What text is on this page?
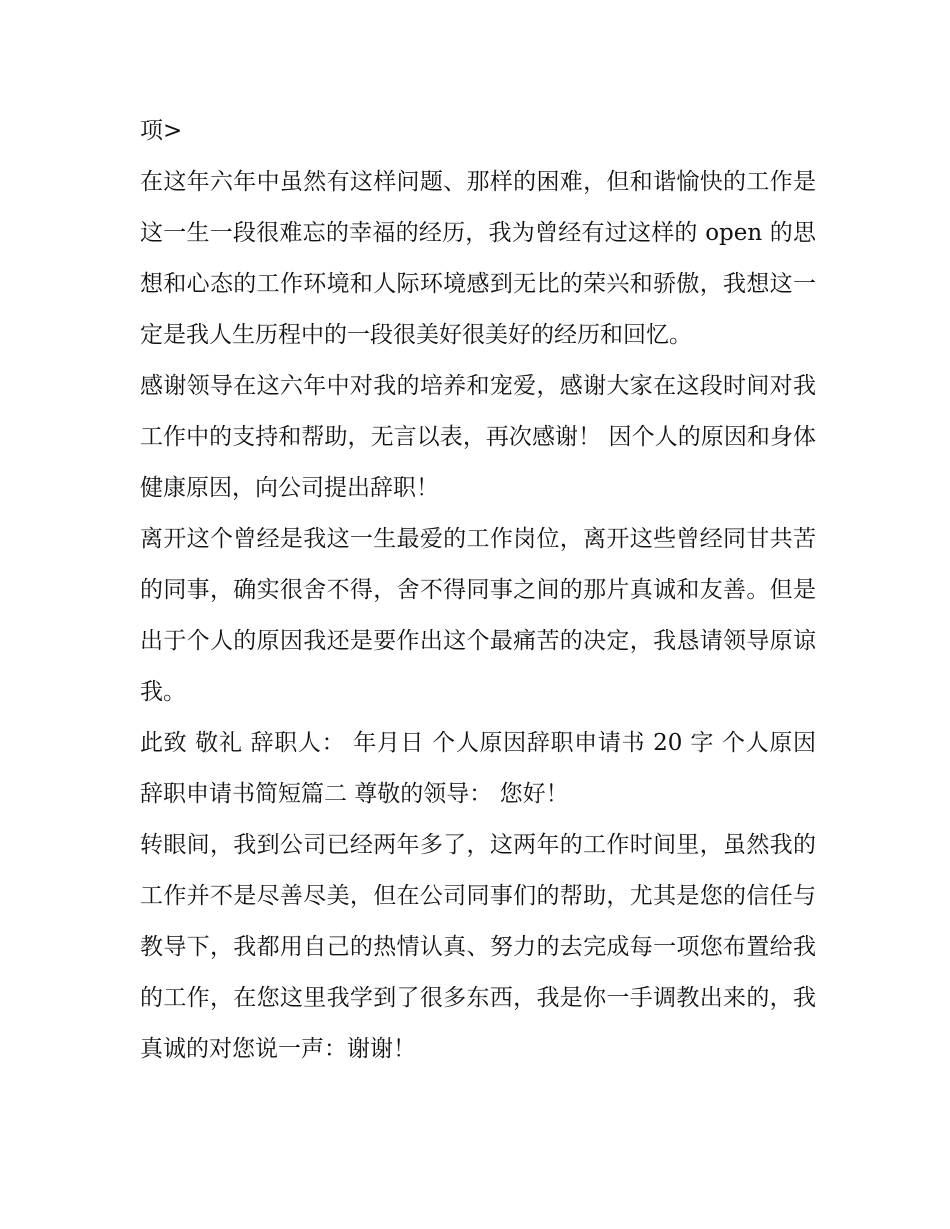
项>

在这年六年中虽然有这样问题、那样的困难，但和谐愉快的工作是这一生一段很难忘的幸福的经历，我为曾经有过这样的 open 的思想和心态的工作环境和人际环境感到无比的荣兴和骄傲，我想这一定是我人生历程中的一段很美好很美好的经历和回忆。

感谢领导在这六年中对我的培养和宠爱，感谢大家在这段时间对我工作中的支持和帮助，无言以表，再次感谢！ 因个人的原因和身体健康原因，向公司提出辞职！

离开这个曾经是我这一生最爱的工作岗位，离开这些曾经同甘共苦的同事，确实很舍不得，舍不得同事之间的那片真诚和友善。但是出于个人的原因我还是要作出这个最痛苦的决定，我恳请领导原谅我。

此致 敬礼 辞职人： 年月日 个人原因辞职申请书 20 字 个人原因辞职申请书简短篇二 尊敬的领导： 您好！

转眼间，我到公司已经两年多了，这两年的工作时间里，虽然我的工作并不是尽善尽美，但在公司同事们的帮助，尤其是您的信任与教导下，我都用自己的热情认真、努力的去完成每一项您布置给我的工作，在您这里我学到了很多东西，我是你一手调教出来的，我真诚的对您说一声：谢谢！
